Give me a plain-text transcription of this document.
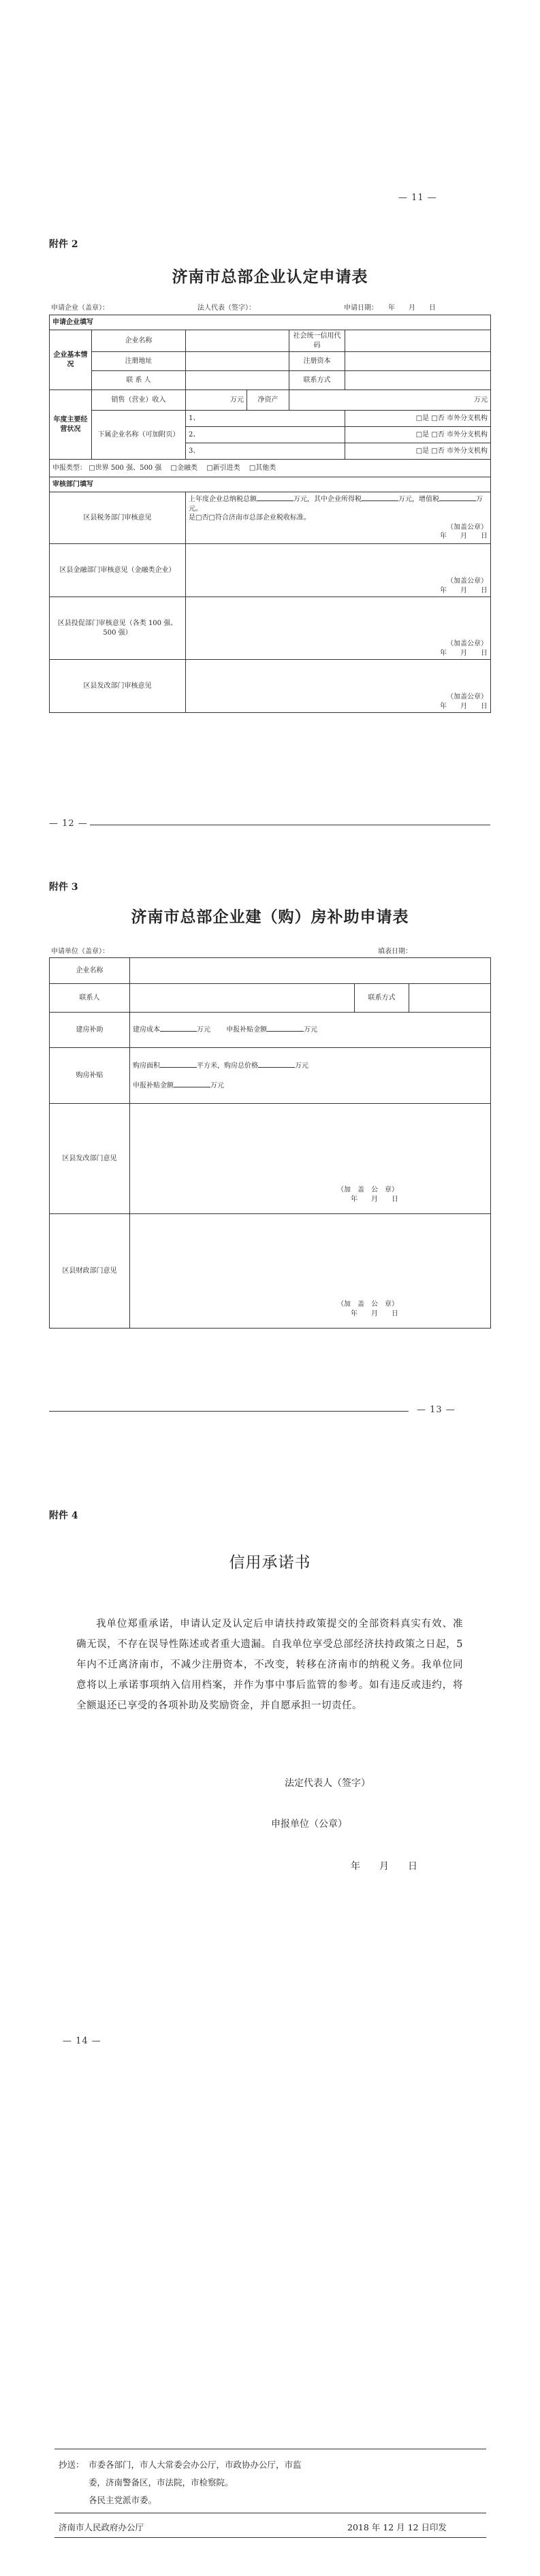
— 11 —
附件 2
济南市总部企业认定申请表
申请企业（盖章）：	法人代表（签字）：	申请日期：　　年　　月　　日
申请企业填写					
企业基本情况	企业名称			社会统一信用代码	
	注册地址			注册资本	
	联 系 人			联系方式	
年度主要经营状况	销售（营业）收入	万元	净资产	万元	
	下属企业名称（可加附页）	1、			□是 □否 市外分支机构
		2、			□是 □否 市外分支机构
		3、			□是 □否 市外分支机构
申报类型： □世界 500 强、500 强　 □金融类　 □新引进类　 □其他类					
审核部门填写					
区县税务部门审核意见		上年度企业总纳税总额 万元，其中企业所得税 万元，增值税 万元。
是□否□符合济南市总部企业税收标准。
（加盖公章）
年　　月　　日			

区县金融部门审核意见（金融类企业）		（加盖公章）
年　　月　　日			

区县投促部门审核意见（各类 100 强、500 强）		（加盖公章）
年　　月　　日			

区县发改部门审核意见		（加盖公章）
年　　月　　日			
— 12 —
附件 3
济南市总部企业建（购）房补助申请表
申请单位（盖章）：	填表日期：
企业名称			
联系人		联系方式	
建房补助	建房成本 万元　　 申报补贴金额 万元		
购房补贴	购房面积 平方米，购房总价格 万元
申报补贴金额 万元		

区县发改部门意见	（加　盖　公　章）
年　　月　　日		

区县财政部门意见	（加　盖　公　章）
年　　月　　日		
— 13 —
附件 4
信用承诺书
我单位郑重承诺，申请认定及认定后申请扶持政策提交的全部资料真实有效、准确无误，不存在误导性陈述或者重大遗漏。自我单位享受总部经济扶持政策之日起，5 年内不迁离济南市，不减少注册资本，不改变，转移在济南市的纳税义务。我单位同意将以上承诺事项纳入信用档案，并作为事中事后监管的参考。如有违反或违约，将全额退还已享受的各项补助及奖励资金，并自愿承担一切责任。
法定代表人（签字）
申报单位（公章）
年　　月　　日
— 14 —
抄送： 市委各部门，市人大常委会办公厅，市政协办公厅，市监
委，济南警备区，市法院，市检察院。
各民主党派市委。
济南市人民政府办公厅	2018 年 12 月 12 日印发
